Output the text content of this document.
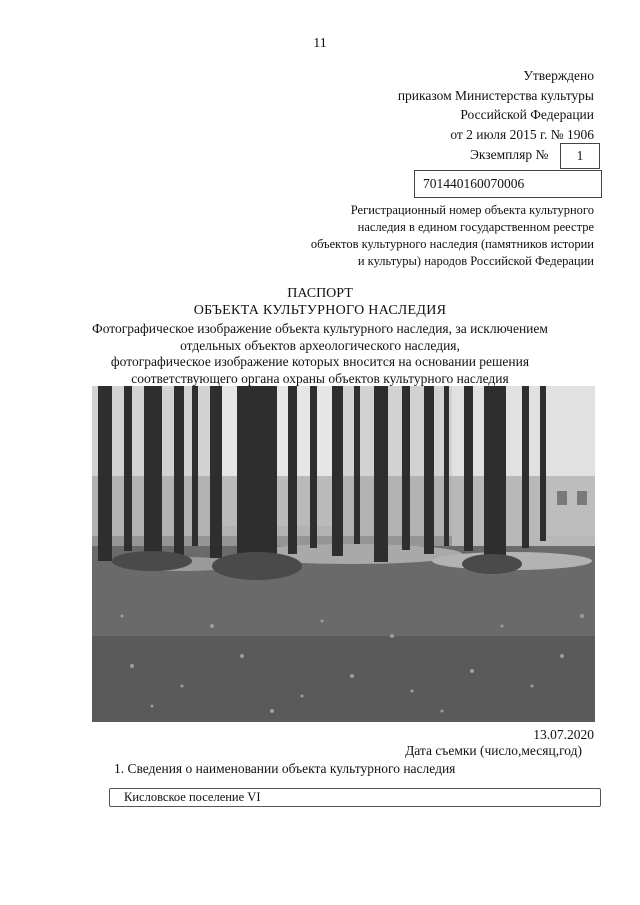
11
Утверждено
приказом Министерства культуры
Российской Федерации
от 2 июля 2015 г. № 1906
Экземпляр №	1
701440160070006
Регистрационный номер объекта культурного
наследия в едином государственном реестре
объектов культурного наследия (памятников истории
и культуры) народов Российской Федерации
ПАСПОРТ
ОБЪЕКТА КУЛЬТУРНОГО НАСЛЕДИЯ
Фотографическое изображение объекта культурного наследия, за исключением
отдельных объектов археологического наследия,
фотографическое изображение которых вносится на основании решения
соответствующего органа охраны объектов культурного наследия
13.07.2020
Дата съемки (число,месяц,год)
1. Сведения о наименовании объекта культурного наследия
Кисловское поселение VI
